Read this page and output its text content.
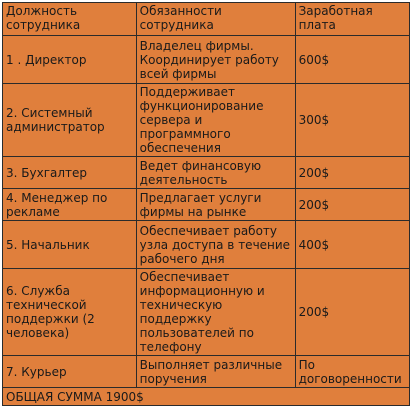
Должность сотрудника	Обязанности сотрудника	Заработная плата
1 . Директор	Владелец фирмы. Координирует работу всей фирмы	600$
2. Системный администратор	Поддерживает функционирование сервера и программного обеспечения	300$
3. Бухгалтер	Ведет финансовую деятельность	200$
4. Менеджер по рекламе	Предлагает услуги фирмы на рынке	200$
5. Начальник	Обеспечивает работу узла доступа в течение рабочего дня	400$
6. Служба технической поддержки (2 человека)	Обеспечивает информационную и техническую поддержку пользователей по телефону	200$
7. Курьер	Выполняет различные поручения	По договоренности
ОБЩАЯ СУММА 1900$		
